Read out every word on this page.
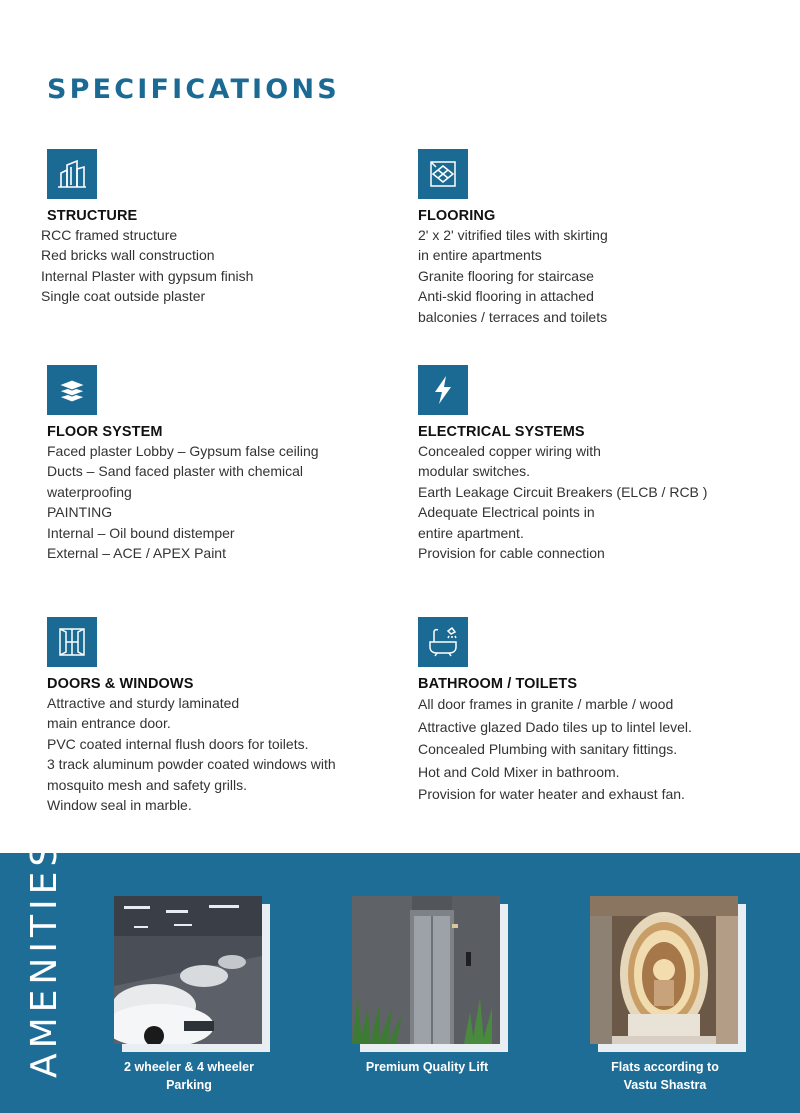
SPECIFICATIONS
STRUCTURE
RCC framed structure
Red bricks wall construction
Internal Plaster with gypsum finish
Single coat outside plaster
FLOORING
2' x 2' vitrified tiles with skirting
in entire apartments
Granite flooring for staircase
Anti-skid flooring in attached
balconies / terraces and toilets
FLOOR SYSTEM
Faced plaster Lobby – Gypsum false ceiling
Ducts – Sand faced plaster with chemical
waterproofing
PAINTING
Internal – Oil bound distemper
External – ACE / APEX Paint
ELECTRICAL SYSTEMS
Concealed copper wiring with
modular switches.
Earth Leakage Circuit Breakers (ELCB / RCB )
Adequate Electrical points in
entire apartment.
Provision for cable connection
DOORS & WINDOWS
Attractive and sturdy laminated
main entrance door.
PVC coated internal flush doors for toilets.
3 track aluminum powder coated windows with
mosquito mesh and safety grills.
Window seal in marble.
BATHROOM / TOILETS
All door frames in granite / marble / wood
Attractive glazed Dado tiles up to lintel level.
Concealed Plumbing with sanitary fittings.
Hot and Cold Mixer in bathroom.
Provision for water heater and exhaust fan.
AMENITIES	2 wheeler & 4 wheeler
Parking
Premium Quality Lift	Flats according to
Vastu Shastra
